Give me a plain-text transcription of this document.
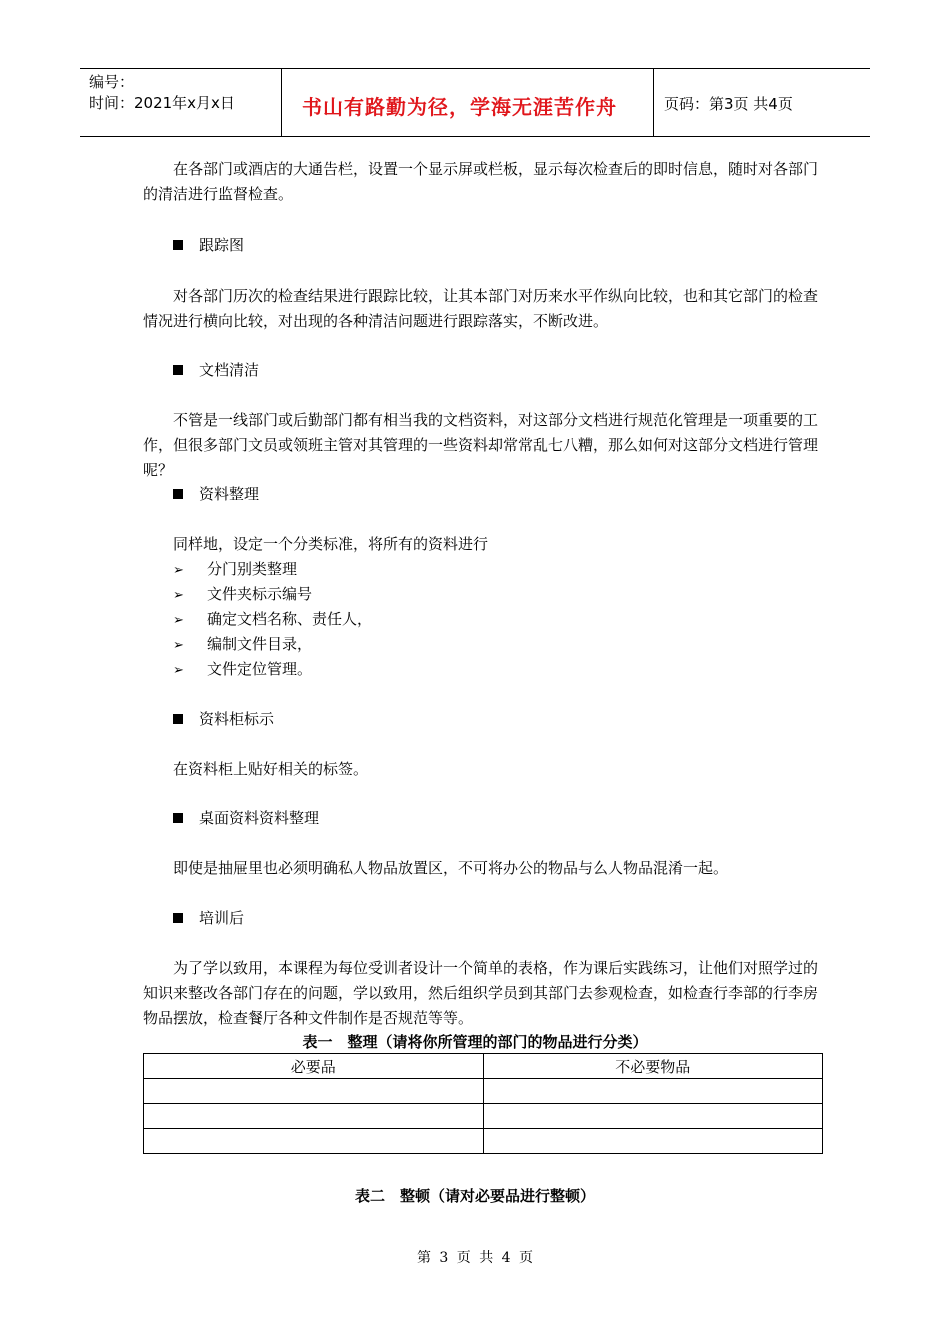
编号：
时间：2021年x月x日	书山有路勤为径，学海无涯苦作舟	页码：第3页 共4页

在各部门或酒店的大通告栏，设置一个显示屏或栏板，显示每次检查后的即时信息，随时对各部门的清洁进行监督检查。

跟踪图

对各部门历次的检查结果进行跟踪比较，让其本部门对历来水平作纵向比较，也和其它部门的检查情况进行横向比较，对出现的各种清洁问题进行跟踪落实，不断改进。

文档清洁

不管是一线部门或后勤部门都有相当我的文档资料，对这部分文档进行规范化管理是一项重要的工作，但很多部门文员或领班主管对其管理的一些资料却常常乱七八糟，那么如何对这部分文档进行管理呢？

资料整理

同样地，设定一个分类标准，将所有的资料进行

➢ 分门别类整理
➢ 文件夹标示编号
➢ 确定文档名称、责任人，
➢ 编制文件目录，
➢ 文件定位管理。
资料柜标示

在资料柜上贴好相关的标签。

桌面资料资料整理

即使是抽屉里也必须明确私人物品放置区，不可将办公的物品与么人物品混淆一起。

培训后

为了学以致用，本课程为每位受训者设计一个简单的表格，作为课后实践练习，让他们对照学过的知识来整改各部门存在的问题，学以致用，然后组织学员到其部门去参观检查，如检查行李部的行李房物品摆放，检查餐厅各种文件制作是否规范等等。

表一　整理（请将你所管理的部门的物品进行分类）
必要品	不必要物品

表二　整顿（请对必要品进行整顿）
第 3 页 共 4 页
